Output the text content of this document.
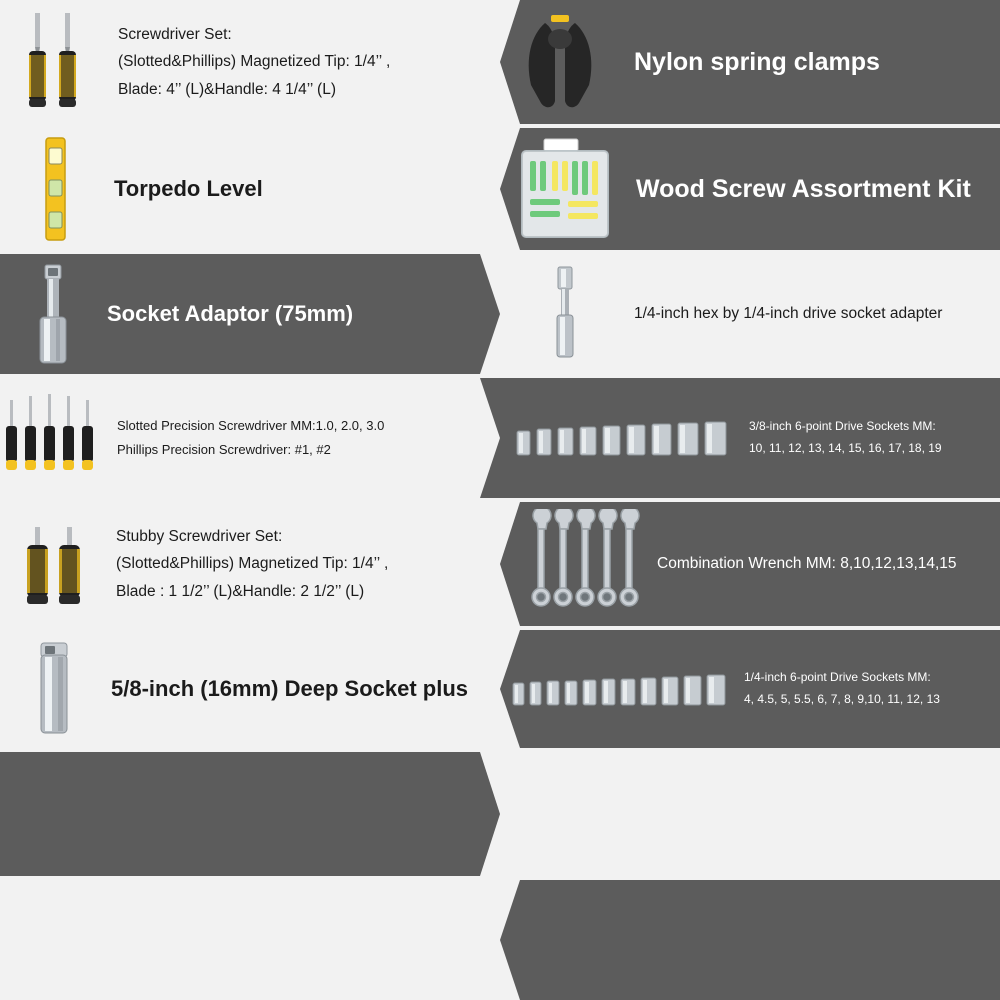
Screwdriver Set:
(Slotted&Phillips) Magnetized Tip: 1/4’’ ,
Blade: 4’’ (L)&Handle: 4 1/4’’ (L)
Nylon spring clamps
Torpedo Level	Wood Screw Assortment Kit
Socket Adaptor (75mm)	1/4-inch hex by 1/4-inch drive socket adapter
Slotted Precision Screwdriver MM:1.0, 2.0, 3.0
Phillips Precision Screwdriver: #1, #2
3/8-inch 6-point Drive Sockets MM:
10, 11, 12, 13, 14, 15, 16, 17, 18, 19
Stubby Screwdriver Set:
(Slotted&Phillips) Magnetized Tip: 1/4’’ ,
Blade : 1 1/2’’ (L)&Handle: 2 1/2’’ (L)
Combination Wrench MM: 8,10,12,13,14,15
5/8-inch (16mm) Deep Socket plus	1/4-inch 6-point Drive Sockets MM:
4, 4.5, 5, 5.5, 6, 7, 8, 9,10, 11, 12, 13
